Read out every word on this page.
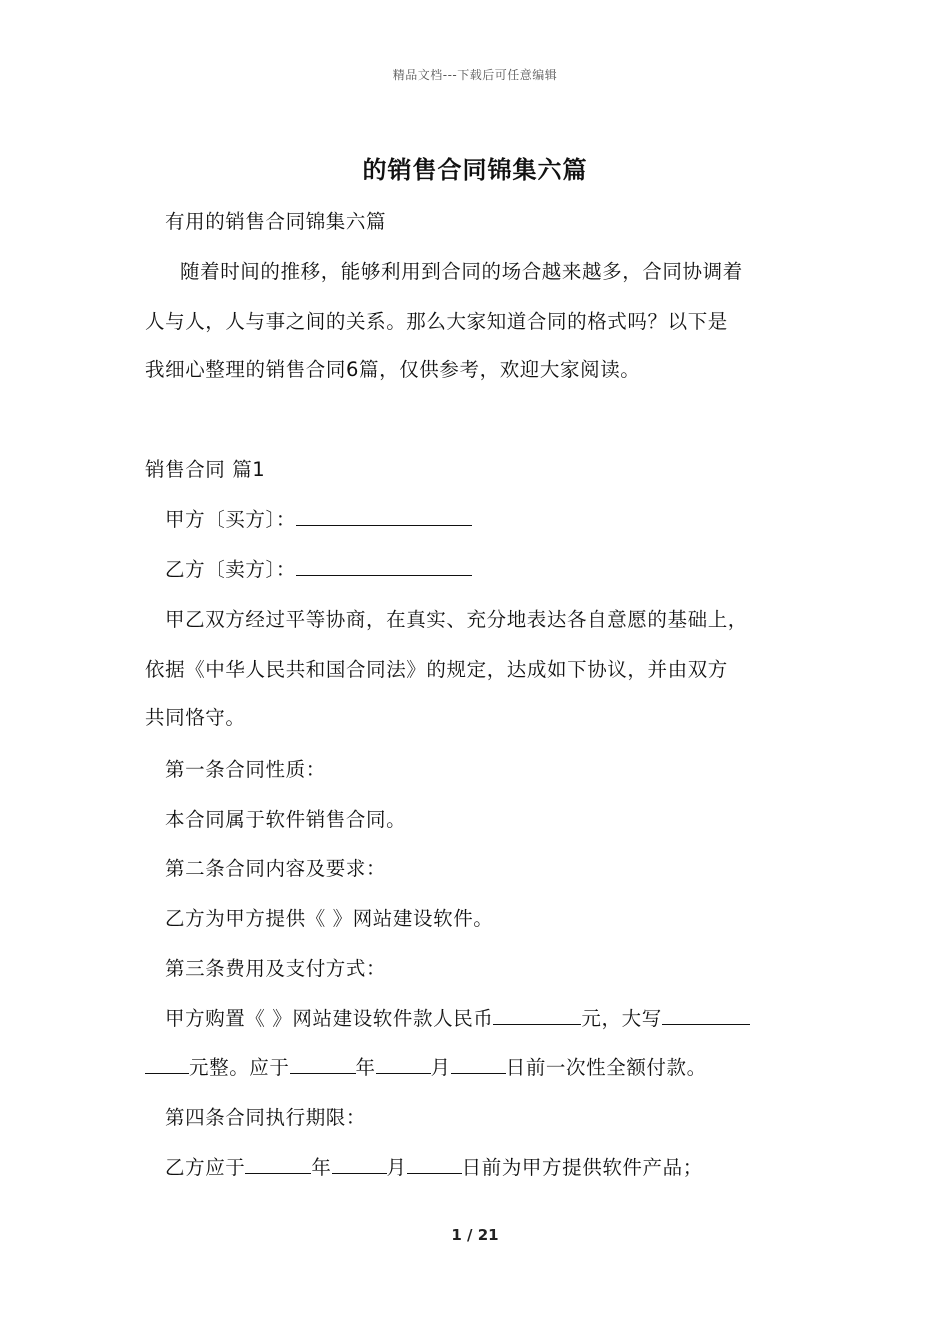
精品文档---下载后可任意编辑
的销售合同锦集六篇
有用的销售合同锦集六篇
随着时间的推移，能够利用到合同的场合越来越多，合同协调着
人与人，人与事之间的关系。那么大家知道合同的格式吗？以下是
我细心整理的销售合同6篇，仅供参考，欢迎大家阅读。
销售合同 篇1
甲方〔买方〕：
乙方〔卖方〕：
甲乙双方经过平等协商，在真实、充分地表达各自意愿的基础上，
依据《中华人民共和国合同法》的规定，达成如下协议，并由双方
共同恪守。
第一条合同性质：
本合同属于软件销售合同。
第二条合同内容及要求：
乙方为甲方提供《 》网站建设软件。
第三条费用及支付方式：
甲方购置《 》网站建设软件款人民币	元，大写
元整。应于	年	月	日前一次性全额付款。
第四条合同执行期限：
乙方应于	年	月	日前为甲方提供软件产品；
1 / 21
